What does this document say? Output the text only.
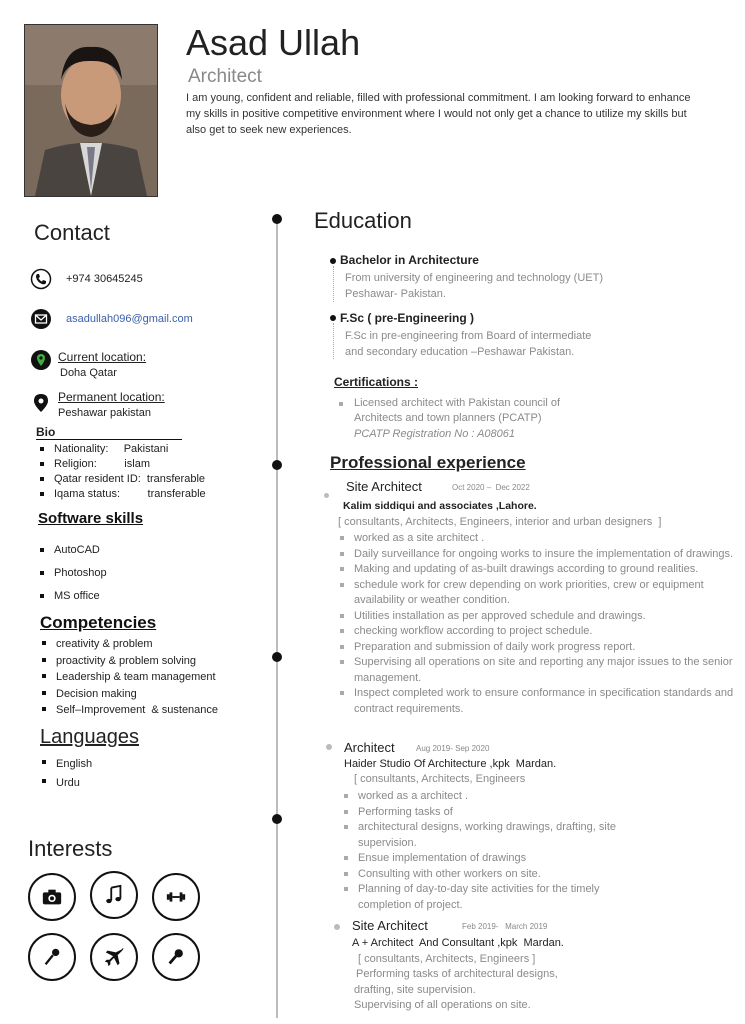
Asad Ullah
Architect
I am young, confident and reliable, filled with professional commitment. I am looking forward to enhance my skills in positive competitive environment where I would not only get a chance to utilize my skills but also get to seek new experiences.
Contact
+974 30645245
asadullah096@gmail.com
Current location:
Doha Qatar
Permanent location:
Peshawar pakistan
Bio
Nationality:     Pakistani
Religion:         islam
Qatar resident ID:  transferable
Iqama status:         transferable
Software skills
AutoCAD
Photoshop
MS office
Competencies
creativity & problem
proactivity & problem solving
Leadership & team management
Decision making
Self–Improvement  & sustenance
Languages
English
Urdu
Interests
Education
Bachelor in Architecture
From university of engineering and technology (UET)
Peshawar- Pakistan.
F.Sc ( pre-Engineering )
F.Sc in pre-engineering from Board of intermediate
and secondary education –Peshawar Pakistan.
Certifications :
Licensed architect with Pakistan council of
Architects and town planners (PCATP)
PCATP Registration No : A08061
Professional experience
Site Architect	Oct 2020 –  Dec 2022
Kalim siddiqui and associates ,Lahore.
[ consultants, Architects, Engineers, interior and urban designers  ]
worked as a site architect .
Daily surveillance for ongoing works to insure the implementation of drawings.
Making and updating of as-built drawings according to ground realities.
schedule work for crew depending on work priorities, crew or equipment availability or weather condition.
Utilities installation as per approved schedule and drawings.
checking workflow according to project schedule.
Preparation and submission of daily work progress report.
Supervising all operations on site and reporting any major issues to the senior management.
Inspect completed work to ensure conformance in specification standards and contract requirements.
Architect	Aug 2019- Sep 2020
Haider Studio Of Architecture ,kpk  Mardan.
[ consultants, Architects, Engineers
worked as a architect .
Performing tasks of
architectural designs, working drawings, drafting, site supervision.
Ensue implementation of drawings
Consulting with other workers on site.
Planning of day-to-day site activities for the timely completion of project.
Site Architect	Feb 2019-   March 2019
A + Architect  And Consultant ,kpk  Mardan.
[ consultants, Architects, Engineers ]
Performing tasks of architectural designs,
drafting, site supervision.
Supervising of all operations on site.
